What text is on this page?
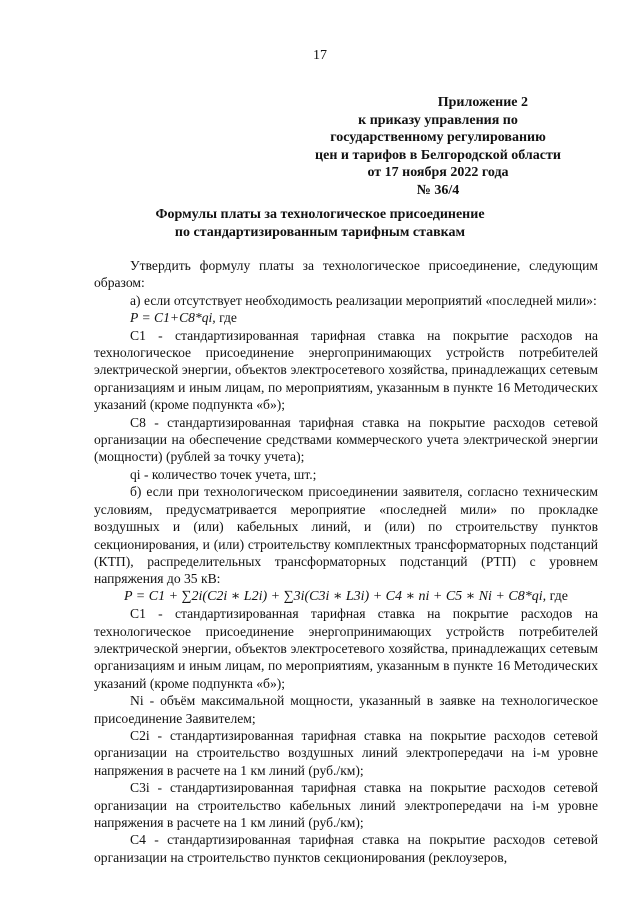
17
Приложение 2
к приказу управления по
государственному регулированию
цен и тарифов в Белгородской области
от 17 ноября 2022 года
№ 36/4
Формулы платы за технологическое присоединение
по стандартизированным тарифным ставкам

Утвердить формулу платы за технологическое присоединение, следующим образом:

а) если отсутствует необходимость реализации мероприятий «последней мили»:

P = C1+C8*qi, где

С1 - стандартизированная тарифная ставка на покрытие расходов на технологическое присоединение энергопринимающих устройств потребителей электрической энергии, объектов электросетевого хозяйства, принадлежащих сетевым организациям и иным лицам, по мероприятиям, указанным в пункте 16 Методических указаний (кроме подпункта «б»);

С8 - стандартизированная тарифная ставка на покрытие расходов сетевой организации на обеспечение средствами коммерческого учета электрической энергии (мощности) (рублей за точку учета);

qi - количество точек учета, шт.;

б) если при технологическом присоединении заявителя, согласно техническим условиям, предусматривается мероприятие «последней мили» по прокладке воздушных и (или) кабельных линий, и (или) по строительству пунктов секционирования, и (или) строительству комплектных трансформаторных подстанций (КТП), распределительных трансформаторных подстанций (РТП) с уровнем напряжения до 35 кВ:

P = C1 + ∑2i(C2i ∗ L2i) + ∑3i(C3i ∗ L3i) + C4 ∗ ni + C5 ∗ Ni + C8*qi, где

С1 - стандартизированная тарифная ставка на покрытие расходов на технологическое присоединение энергопринимающих устройств потребителей электрической энергии, объектов электросетевого хозяйства, принадлежащих сетевым организациям и иным лицам, по мероприятиям, указанным в пункте 16 Методических указаний (кроме подпункта «б»);

Ni - объём максимальной мощности, указанный в заявке на технологическое присоединение Заявителем;

С2i - стандартизированная тарифная ставка на покрытие расходов сетевой организации на строительство воздушных линий электропередачи на i-м уровне напряжения в расчете на 1 км линий (руб./км);

С3i - стандартизированная тарифная ставка на покрытие расходов сетевой организации на строительство кабельных линий электропередачи на i-м уровне напряжения в расчете на 1 км линий (руб./км);

С4 - стандартизированная тарифная ставка на покрытие расходов сетевой организации на строительство пунктов секционирования (реклоузеров,
